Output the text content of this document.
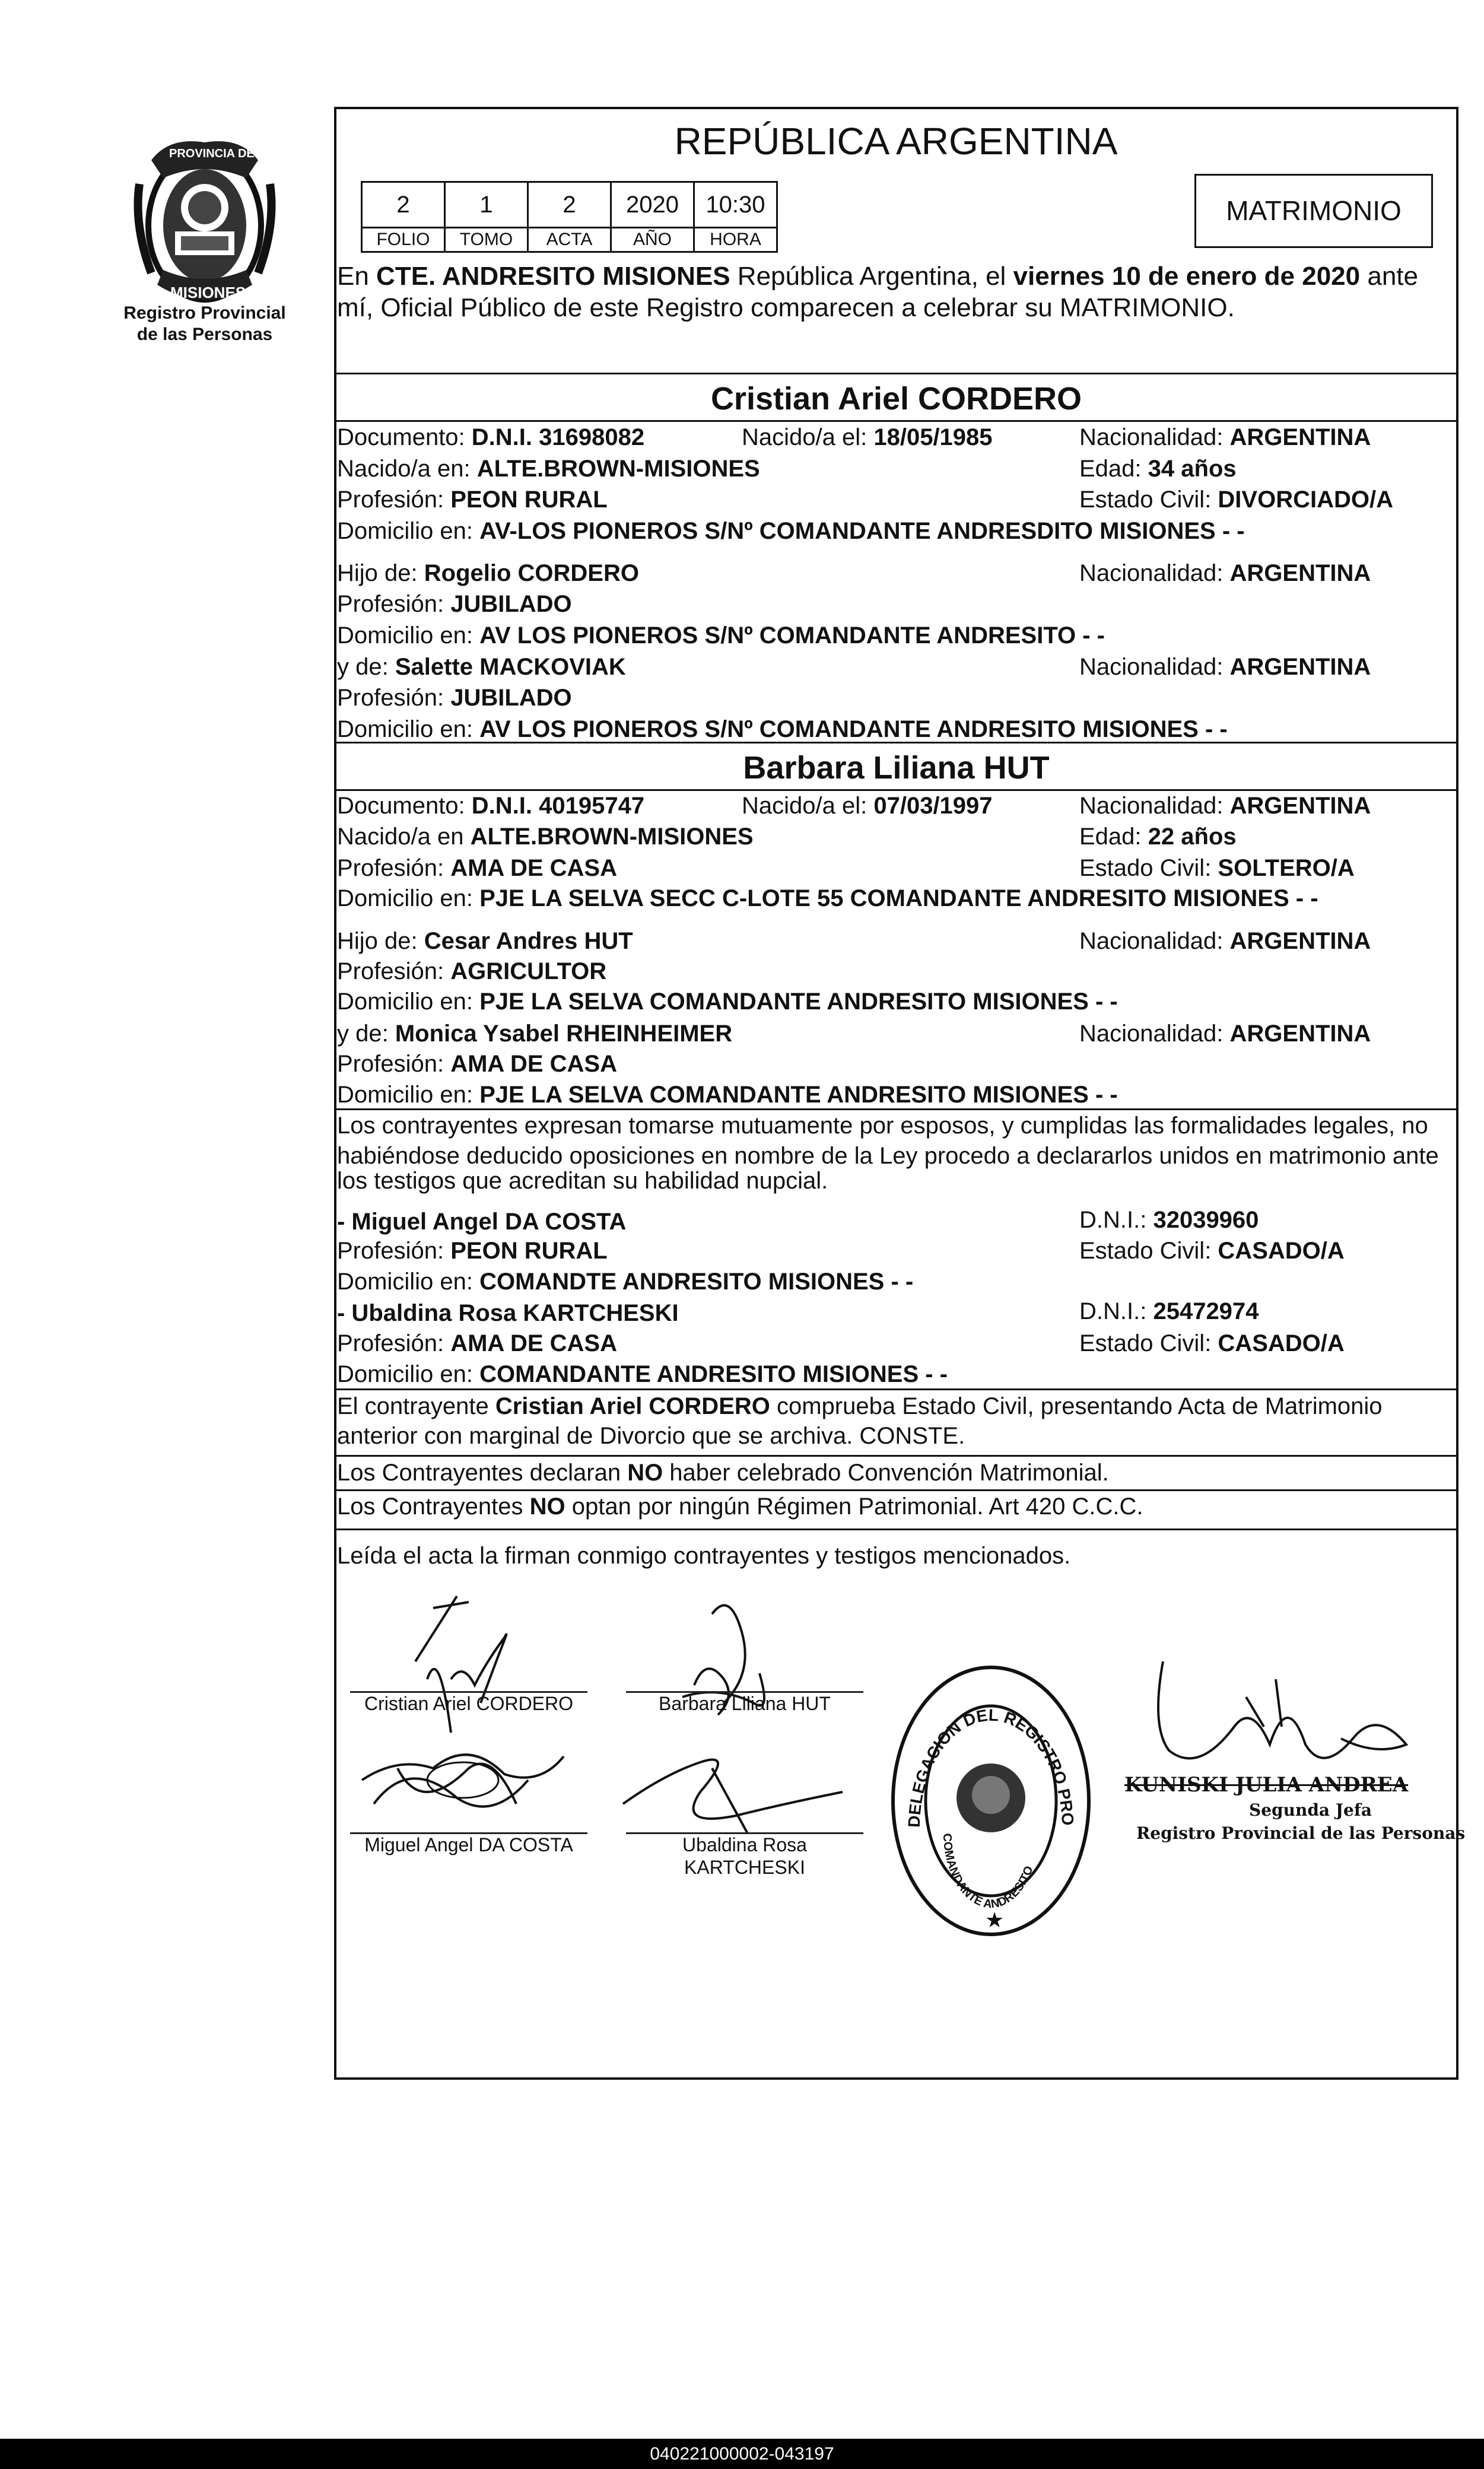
PROVINCIA DE
MISIONES
Registro Provincial
de las Personas
REPÚBLICA ARGENTINA
2	1	2	2020	10:30
FOLIO	TOMO	ACTA	AÑO	HORA
MATRIMONIO
En CTE. ANDRESITO MISIONES República Argentina, el viernes 10 de enero de 2020 ante
mí, Oficial Público de este Registro comparecen a celebrar su MATRIMONIO.
Cristian Ariel CORDERO
Documento: D.N.I. 31698082	Nacido/a el: 18/05/1985	Nacionalidad: ARGENTINA
Nacido/a en: ALTE.BROWN-MISIONES	Edad: 34 años
Profesión: PEON RURAL	Estado Civil: DIVORCIADO/A
Domicilio en: AV-LOS PIONEROS S/Nº COMANDANTE ANDRESDITO MISIONES - -
Hijo de: Rogelio CORDERO	Nacionalidad: ARGENTINA
Profesión: JUBILADO
Domicilio en: AV LOS PIONEROS S/Nº COMANDANTE ANDRESITO - -
y de: Salette MACKOVIAK	Nacionalidad: ARGENTINA
Profesión: JUBILADO
Domicilio en: AV LOS PIONEROS S/Nº COMANDANTE ANDRESITO MISIONES - -
Barbara Liliana HUT
Documento: D.N.I. 40195747	Nacido/a el: 07/03/1997	Nacionalidad: ARGENTINA
Nacido/a en ALTE.BROWN-MISIONES	Edad: 22 años
Profesión: AMA DE CASA	Estado Civil: SOLTERO/A
Domicilio en: PJE LA SELVA SECC C-LOTE 55 COMANDANTE ANDRESITO MISIONES - -
Hijo de: Cesar Andres HUT	Nacionalidad: ARGENTINA
Profesión: AGRICULTOR
Domicilio en: PJE LA SELVA COMANDANTE ANDRESITO MISIONES - -
y de: Monica Ysabel RHEINHEIMER	Nacionalidad: ARGENTINA
Profesión: AMA DE CASA
Domicilio en: PJE LA SELVA COMANDANTE ANDRESITO MISIONES - -
Los contrayentes expresan tomarse mutuamente por esposos, y cumplidas las formalidades legales, no
habiéndose deducido oposiciones en nombre de la Ley procedo a declararlos unidos en matrimonio ante
los testigos que acreditan su habilidad nupcial.
- Miguel Angel DA COSTA	D.N.I.: 32039960
Profesión: PEON RURAL	Estado Civil: CASADO/A
Domicilio en: COMANDTE ANDRESITO MISIONES - -
- Ubaldina Rosa KARTCHESKI	D.N.I.: 25472974
Profesión: AMA DE CASA	Estado Civil: CASADO/A
Domicilio en: COMANDANTE ANDRESITO MISIONES - -
El contrayente Cristian Ariel CORDERO comprueba Estado Civil, presentando Acta de Matrimonio
anterior con marginal de Divorcio que se archiva. CONSTE.
Los Contrayentes declaran NO haber celebrado Convención Matrimonial.
Los Contrayentes NO optan por ningún Régimen Patrimonial. Art 420 C.C.C.
Leída el acta la firman conmigo contrayentes y testigos mencionados.
Cristian Ariel CORDERO	Barbara Liliana HUT
Miguel Angel DA COSTA	Ubaldina Rosa
KARTCHESKI
DELEGACION DEL REGISTRO PROVINCIAL DE LAS PERSONAS
COMANDANTE ANDRESITO
★
KUNISKI JULIA ANDREA
Segunda Jefa
Registro Provincial de las Personas
040221000002-043197
